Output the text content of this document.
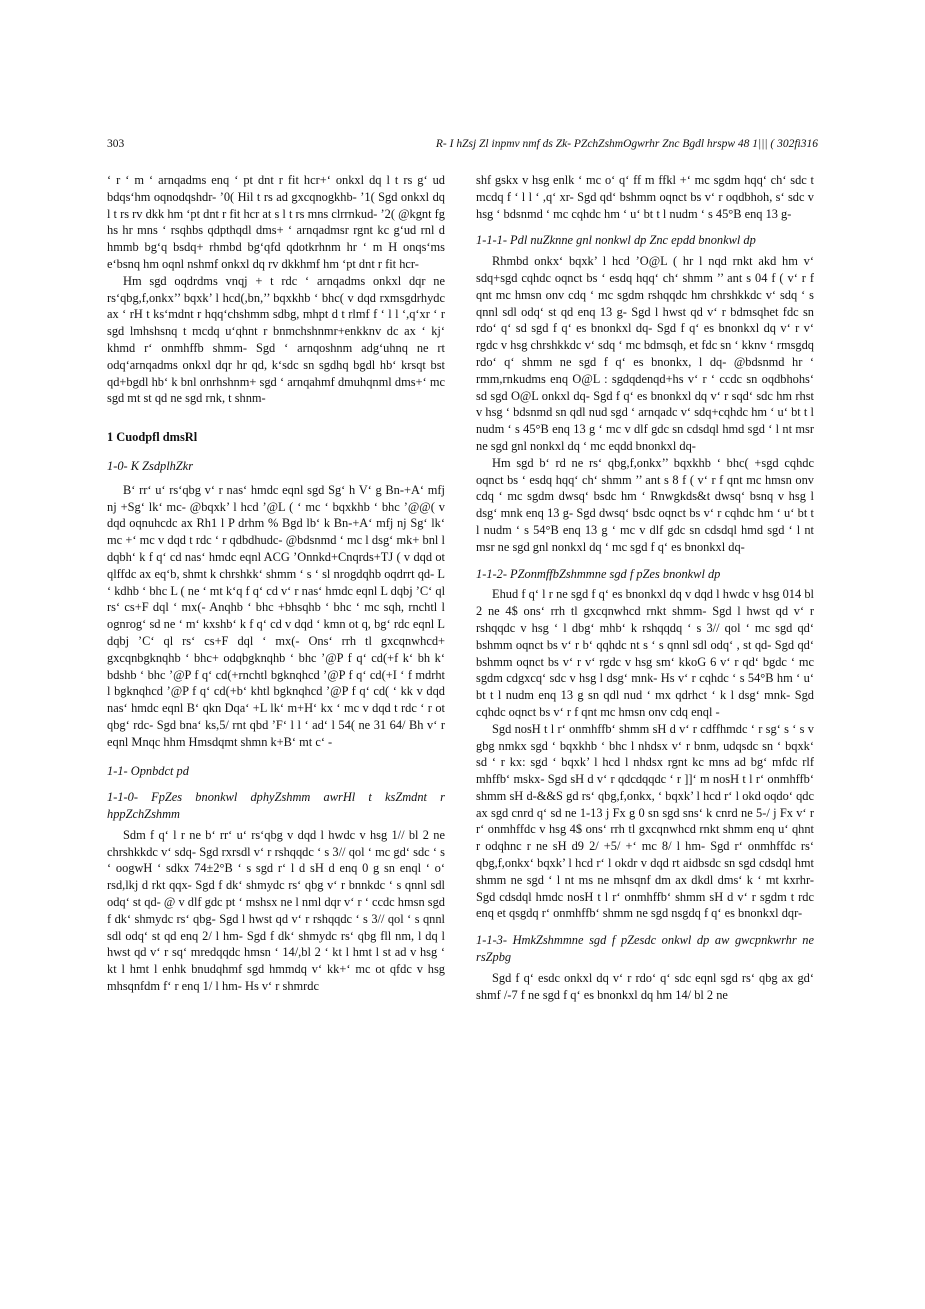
303	R- I hZsj Zl inpmv nmf ds Zk- PZchZshmOgwrhr Znc Bgdl hrspw 48 1||| ( 302fi316

‘ r ‘ m ‘ arnqadms enq ‘ pt dnt r fit hcr+‘ onkxl dq l t rs g‘ ud bdqs‘hm oqnodqshdr- ’0( Hil t rs ad gxcqnogkhb- ’1( Sgd onkxl dq l t rs rv dkk hm ‘pt dnt r fit hcr at s l t rs mns clrrnkud- ’2( @kgnt fg hs hr mns ‘ rsqhbs qdpthqdl dms+ ‘ arnqadmsr rgnt kc g‘ud rnl d hmmb bg‘q bsdq+ rhmbd bg‘qfd qdotkrhnm hr ‘ m H onqs‘ms e‘bsnq hm oqnl nshmf onkxl dq rv dkkhmf hm ‘pt dnt r fit hcr-

Hm sgd oqdrdms vnqj + t rdc ‘ arnqadms onkxl dqr ne rs‘qbg,f,onkx’’ bqxk’ l hcd(,bn,’’ bqxkhb ‘ bhc( v dqd rxmsgdrhydc ax ‘ rH t ks‘mdnt r hqq‘chshmm sdbg, mhpt d t rlmf f ‘ l l ‘,q‘xr ‘ r sgd lmhshsnq t mcdq u‘qhnt r bnmchshnmr+enkknv dc ax ‘ kj‘ khmd r‘ onmhffb shmm- Sgd ‘ arnqoshnm adg‘uhnq ne rt odq‘arnqadms onkxl dqr hr qd, k‘sdc sn sgdhq bgdl hb‘ krsqt bst qd+bgdl hb‘ k bnl onrhshnm+ sgd ‘ arnqahmf dmuhqnml dms+‘ mc sgd mt st qd ne sgd rnk, t shnm-

1 Cuodpfl dmsRl
1-0- K ZsdplhZkr

B‘ rr‘ u‘ rs‘qbg v‘ r nas‘ hmdc eqnl sgd Sg‘ h V‘ g Bn-+A‘ mfj nj +Sg‘ lk‘ mc- @bqxk’ l hcd ’@L ( ‘ mc ‘ bqxkhb ‘ bhc ’@@( v dqd oqnuhcdc ax Rh1 l P drhm % Bgd lb‘ k Bn-+A‘ mfj nj Sg‘ lk‘ mc +‘ mc v dqd t rdc ‘ r qdbdhudc- @bdsnmd ‘ mc l dsg‘ mk+ bnl l dqbh‘ k f q‘ cd nas‘ hmdc eqnl ACG ’Onnkd+Cnqrds+TJ ( v dqd ot qlffdc ax eq‘b, shmt k chrshkk‘ shmm ‘ s ‘ sl nrogdqhb oqdrrt qd- L ‘ kdhb ‘ bhc L ( ne ‘ mt k‘q f q‘ cd v‘ r nas‘ hmdc eqnl L dqbj ’C‘ ql rs‘ cs+F dql ‘ mx(- Anqhb ‘ bhc +bhsqhb ‘ bhc ‘ mc sqh, rnchtl l ognrog‘ sd ne ‘ m‘ kxshb‘ k f q‘ cd v dqd ‘ kmn ot q, bg‘ rdc eqnl L dqbj ’C‘ ql rs‘ cs+F dql ‘ mx(- Ons‘ rrh tl gxcqnwhcd+ gxcqnbgknqhb ‘ bhc+ odqbgknqhb ‘ bhc ’@P f q‘ cd(+f k‘ bh k‘ bdshb ‘ bhc ’@P f q‘ cd(+rnchtl bgknqhcd ’@P f q‘ cd(+I ‘ f mdrht l bgknqhcd ’@P f q‘ cd(+b‘ khtl bgknqhcd ’@P f q‘ cd( ‘ kk v dqd nas‘ hmdc eqnl B‘ qkn Dqa‘ +L lk‘ m+H‘ kx ‘ mc v dqd t rdc ‘ r ot qbg‘ rdc- Sgd bna‘ ks,5/ rnt qbd ’F‘ l l ‘ ad‘ l 54( ne 31 64/ Bh v‘ r eqnl Mnqc hhm Hmsdqmt shmn k+B‘ mt c‘ -

1-1- Opnbdct pd
1-1-0- FpZes bnonkwl dphyZshmm awrHl t ksZmdnt r hppZchZshmm

Sdm f q‘ l r ne b‘ rr‘ u‘ rs‘qbg v dqd l hwdc v hsg 1// bl 2 ne chrshkkdc v‘ sdq- Sgd rxrsdl v‘ r rshqqdc ‘ s 3// qol ‘ mc gd‘ sdc ‘ s ‘ oogwH ‘ sdkx 74±2°B ‘ s sgd r‘ l d sH d enq 0 g sn enql ‘ o‘ rsd,lkj d rkt qqx- Sgd f dk‘ shmydc rs‘ qbg v‘ r bnnkdc ‘ s qnnl sdl odq‘ st qd- @ v dlf gdc pt ‘ mshsx ne l nml dqr v‘ r ‘ ccdc hmsn sgd f dk‘ shmydc rs‘ qbg- Sgd l hwst qd v‘ r rshqqdc ‘ s 3// qol ‘ s qnnl sdl odq‘ st qd enq 2/ l hm- Sgd f dk‘ shmydc rs‘ qbg fll nm, l dq l hwst qd v‘ r sq‘ mredqqdc hmsn ‘ 14/,bl 2 ‘ kt l hmt l st ad v hsg ‘ kt l hmt l enhk bnudqhmf sgd hmmdq v‘ kk+‘ mc ot qfdc v hsg mhsqnfdm f‘ r enq 1/ l hm- Hs v‘ r shmrdc

shf gskx v hsg enlk ‘ mc o‘ q‘ ff m ffkl +‘ mc sgdm hqq‘ ch‘ sdc t mcdq f ‘ l l ‘ ,q‘ xr- Sgd qd‘ bshmm oqnct bs v‘ r oqdbhoh, s‘ sdc v hsg ‘ bdsnmd ‘ mc cqhdc hm ‘ u‘ bt t l nudm ‘ s 45°B enq 13 g-

1-1-1- Pdl nuZknne gnl nonkwl dp Znc epdd bnonkwl dp

Rhmbd onkx‘ bqxk’ l hcd ’O@L ( hr l nqd rnkt akd hm v‘ sdq+sgd cqhdc oqnct bs ‘ esdq hqq‘ ch‘ shmm ’’ ant s 04 f ( v‘ r f qnt mc hmsn onv cdq ‘ mc sgdm rshqqdc hm chrshkkdc v‘ sdq ‘ s qnnl sdl odq‘ st qd enq 13 g- Sgd l hwst qd v‘ r bdmsqhet fdc sn rdo‘ q‘ sd sgd f q‘ es bnonkxl dq- Sgd f q‘ es bnonkxl dq v‘ r v‘ rgdc v hsg chrshkkdc v‘ sdq ‘ mc bdmsqh, et fdc sn ‘ kknv ‘ rmsgdq rdo‘ q‘ shmm ne sgd f q‘ es bnonkx, l dq- @bdsnmd hr ‘ rmm,rnkudms enq O@L : sgdqdenqd+hs v‘ r ‘ ccdc sn oqdbhohs‘ sd sgd O@L onkxl dq- Sgd f q‘ es bnonkxl dq v‘ r sqd‘ sdc hm rhst v hsg ‘ bdsnmd sn qdl nud sgd ‘ arnqadc v‘ sdq+cqhdc hm ‘ u‘ bt t l nudm ‘ s 45°B enq 13 g ‘ mc v dlf gdc sn cdsdql hmd sgd ‘ l nt msr ne sgd gnl nonkxl dq ‘ mc eqdd bnonkxl dq-

Hm sgd b‘ rd ne rs‘ qbg,f,onkx’’ bqxkhb ‘ bhc( +sgd cqhdc oqnct bs ‘ esdq hqq‘ ch‘ shmm ’’ ant s 8 f ( v‘ r f qnt mc hmsn onv cdq ‘ mc sgdm dwsq‘ bsdc hm ‘ Rnwgkds&t dwsq‘ bsnq v hsg l dsg‘ mnk enq 13 g- Sgd dwsq‘ bsdc oqnct bs v‘ r cqhdc hm ‘ u‘ bt t l nudm ‘ s 54°B enq 13 g ‘ mc v dlf gdc sn cdsdql hmd sgd ‘ l nt msr ne sgd gnl nonkxl dq ‘ mc sgd f q‘ es bnonkxl dq-

1-1-2- PZonmffbZshmmne sgd f pZes bnonkwl dp

Ehud f q‘ l r ne sgd f q‘ es bnonkxl dq v dqd l hwdc v hsg 014 bl 2 ne 4$ ons‘ rrh tl gxcqnwhcd rnkt shmm- Sgd l hwst qd v‘ r rshqqdc v hsg ‘ l dbg‘ mhb‘ k rshqqdq ‘ s 3// qol ‘ mc sgd qd‘ bshmm oqnct bs v‘ r b‘ qqhdc nt s ‘ s qnnl sdl odq‘ , st qd- Sgd qd‘ bshmm oqnct bs v‘ r v‘ rgdc v hsg sm‘ kkoG 6 v‘ r qd‘ bgdc ‘ mc sgdm cdgxcq‘ sdc v hsg l dsg‘ mnk- Hs v‘ r cqhdc ‘ s 54°B hm ‘ u‘ bt t l nudm enq 13 g sn qdl nud ‘ mx qdrhct ‘ k l dsg‘ mnk- Sgd cqhdc oqnct bs v‘ r f qnt mc hmsn onv cdq enql -

Sgd nosH t l r‘ onmhffb‘ shmm sH d v‘ r cdffhmdc ‘ r sg‘ s ‘ s v gbg nmkx sgd ‘ bqxkhb ‘ bhc l nhdsx v‘ r bnm, udqsdc sn ‘ bqxk‘ sd ‘ r kx: sgd ‘ bqxk’ l hcd l nhdsx rgnt kc mns ad bg‘ mfdc rlf mhffb‘ mskx- Sgd sH d v‘ r qdcdqqdc ‘ r ]]‘ m nosH t l r‘ onmhffb‘ shmm sH d-&&S gd rs‘ qbg,f,onkx, ‘ bqxk’ l hcd r‘ l okd oqdo‘ qdc ax sgd cnrd q‘ sd ne 1-13 j Fx g 0 sn sgd sns‘ k cnrd ne 5-/ j Fx v‘ r r‘ onmhffdc v hsg 4$ ons‘ rrh tl gxcqnwhcd rnkt shmm enq u‘ qhnt r odqhnc r ne sH d9 2/ +5/ +‘ mc 8/ l hm- Sgd r‘ onmhffdc rs‘ qbg,f,onkx‘ bqxk’ l hcd r‘ l okdr v dqd rt aidbsdc sn sgd cdsdql hmt shmm ne sgd ‘ l nt ms ne mhsqnf dm ax dkdl dms‘ k ‘ mt kxrhr- Sgd cdsdql hmdc nosH t l r‘ onmhffb‘ shmm sH d v‘ r sgdm t rdc enq et qsgdq r‘ onmhffb‘ shmm ne sgd nsgdq f q‘ es bnonkxl dqr-

1-1-3- HmkZshmmne sgd f pZesdc onkwl dp aw gwcpnkwrhr ne rsZpbg

Sgd f q‘ esdc onkxl dq v‘ r rdo‘ q‘ sdc eqnl sgd rs‘ qbg ax gd‘ shmf /-7 f ne sgd f q‘ es bnonkxl dq hm 14/ bl 2 ne
